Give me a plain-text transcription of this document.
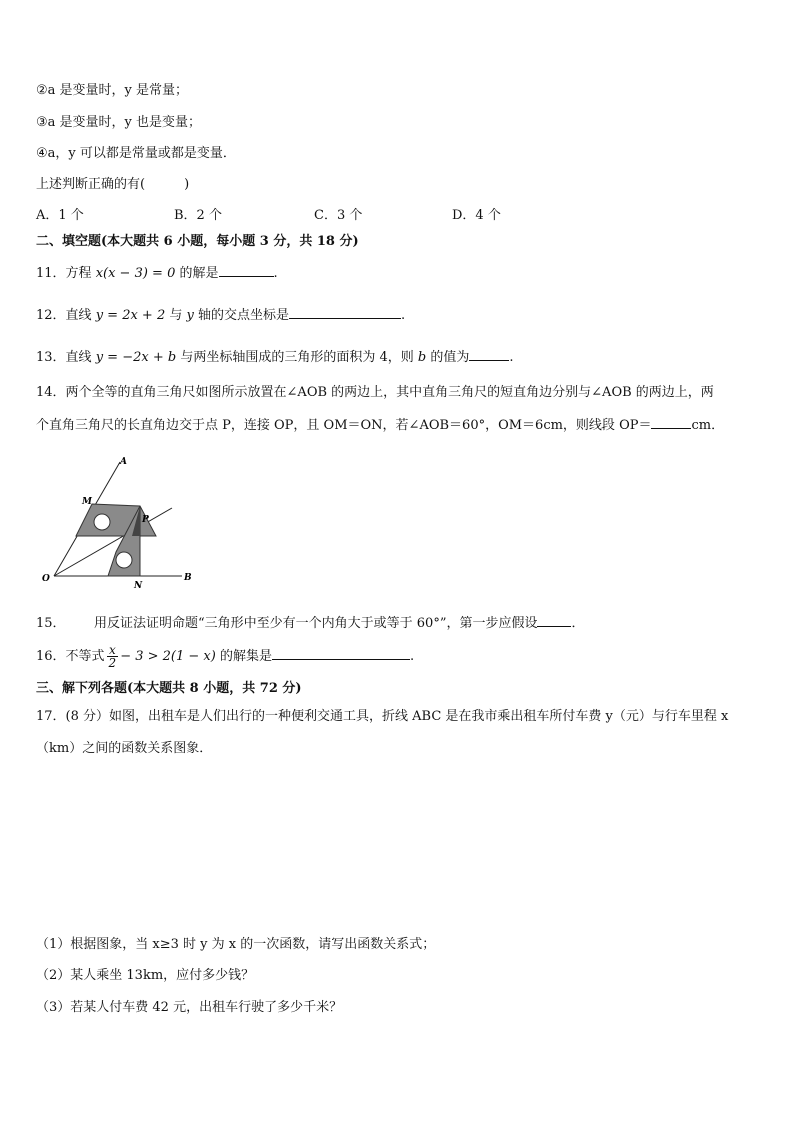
②a 是变量时，y 是常量；
③a 是变量时，y 也是变量；
④a，y 可以都是常量或都是变量．
上述判断正确的有(　　　)
A．1 个	B．2 个	C．3 个	D．4 个
二、填空题(本大题共 6 小题，每小题 3 分，共 18 分)
11．方程 x(x − 3) = 0 的解是	.
12．直线 y = 2x + 2 与 y 轴的交点坐标是	.
13．直线 y = −2x + b 与两坐标轴围成的三角形的面积为 4，则 b 的值为	.
14．两个全等的直角三角尺如图所示放置在∠AOB 的两边上，其中直角三角尺的短直角边分别与∠AOB 的两边上，两
个直角三角尺的长直角边交于点 P，连接 OP，且 OM＝ON，若∠AOB＝60°，OM＝6cm，则线段 OP＝	cm．
A
M
P
O
N
B
15． 用反证法证明命题“三角形中至少有一个内角大于或等于 60°”，第一步应假设	．
16．不等式 $\frac{x}{2} - 3 > 2(1 - x)$ 的解集是	.
三、解下列各题(本大题共 8 小题，共 72 分)
17．(8 分）如图，出租车是人们出行的一种便利交通工具，折线 ABC 是在我市乘出租车所付车费 y（元）与行车里程 x
（km）之间的函数关系图象．
（1）根据图象，当 x≥3 时 y 为 x 的一次函数，请写出函数关系式；
（2）某人乘坐 13km，应付多少钱？
（3）若某人付车费 42 元，出租车行驶了多少千米？
